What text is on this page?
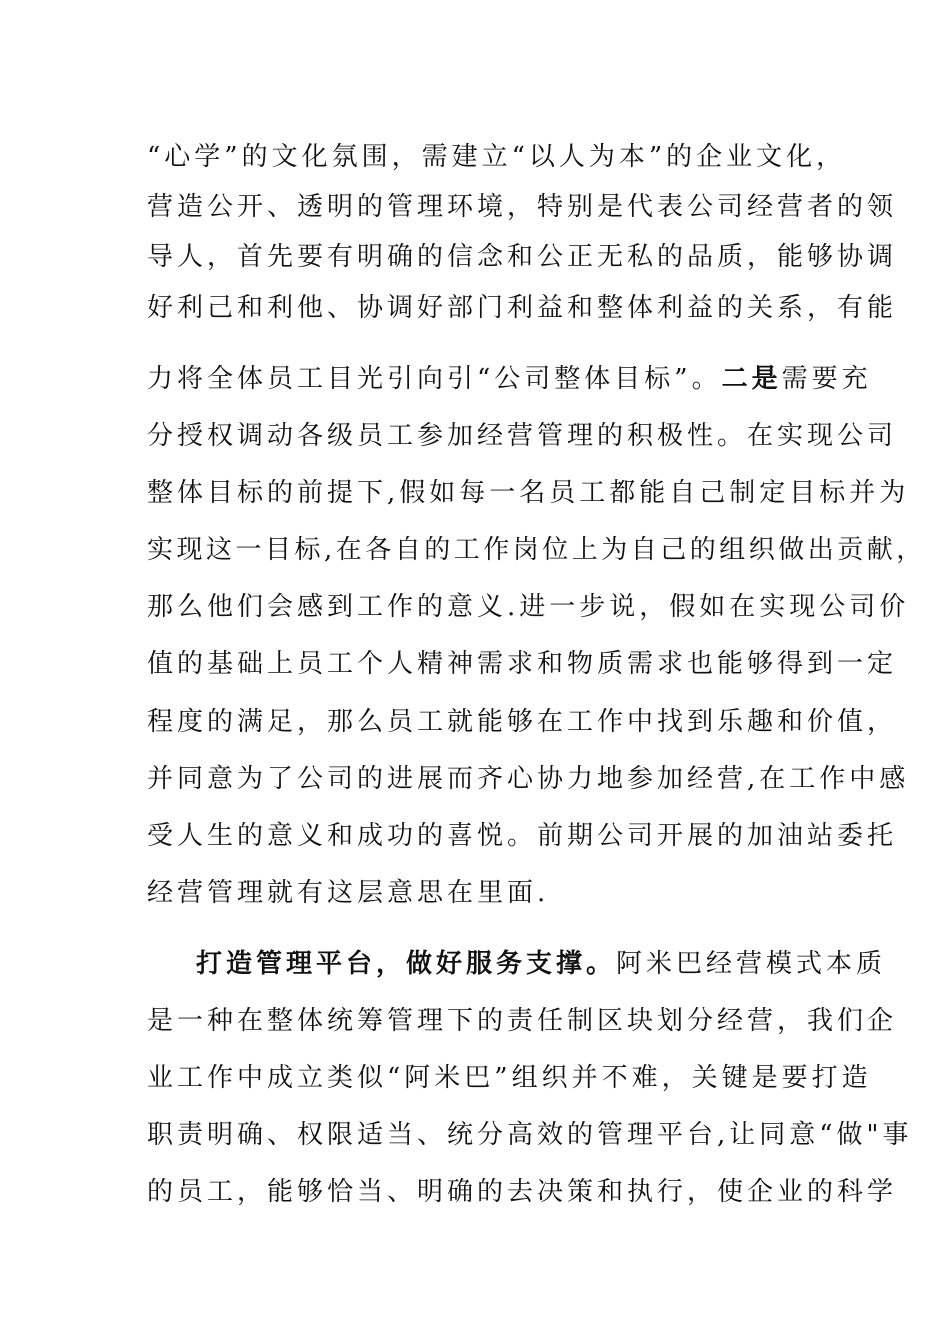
“心学”的文化氛围，需建立“以人为本”的企业文化，
营造公开、透明的管理环境，特别是代表公司经营者的领
导人，首先要有明确的信念和公正无私的品质，能够协调
好利己和利他、协调好部门利益和整体利益的关系，有能
力将全体员工目光引向引“公司整体目标”。二是需要充
分授权调动各级员工参加经营管理的积极性。在实现公司
整体目标的前提下,假如每一名员工都能自己制定目标并为
实现这一目标,在各自的工作岗位上为自己的组织做出贡献，
那么他们会感到工作的意义.进一步说，假如在实现公司价
值的基础上员工个人精神需求和物质需求也能够得到一定
程度的满足，那么员工就能够在工作中找到乐趣和价值，
并同意为了公司的进展而齐心协力地参加经营,在工作中感
受人生的意义和成功的喜悦。前期公司开展的加油站委托
经营管理就有这层意思在里面.
打造管理平台，做好服务支撑。阿米巴经营模式本质
是一种在整体统筹管理下的责任制区块划分经营，我们企
业工作中成立类似“阿米巴”组织并不难，关键是要打造
职责明确、权限适当、统分高效的管理平台,让同意“做"事
的员工，能够恰当、明确的去决策和执行，使企业的科学
